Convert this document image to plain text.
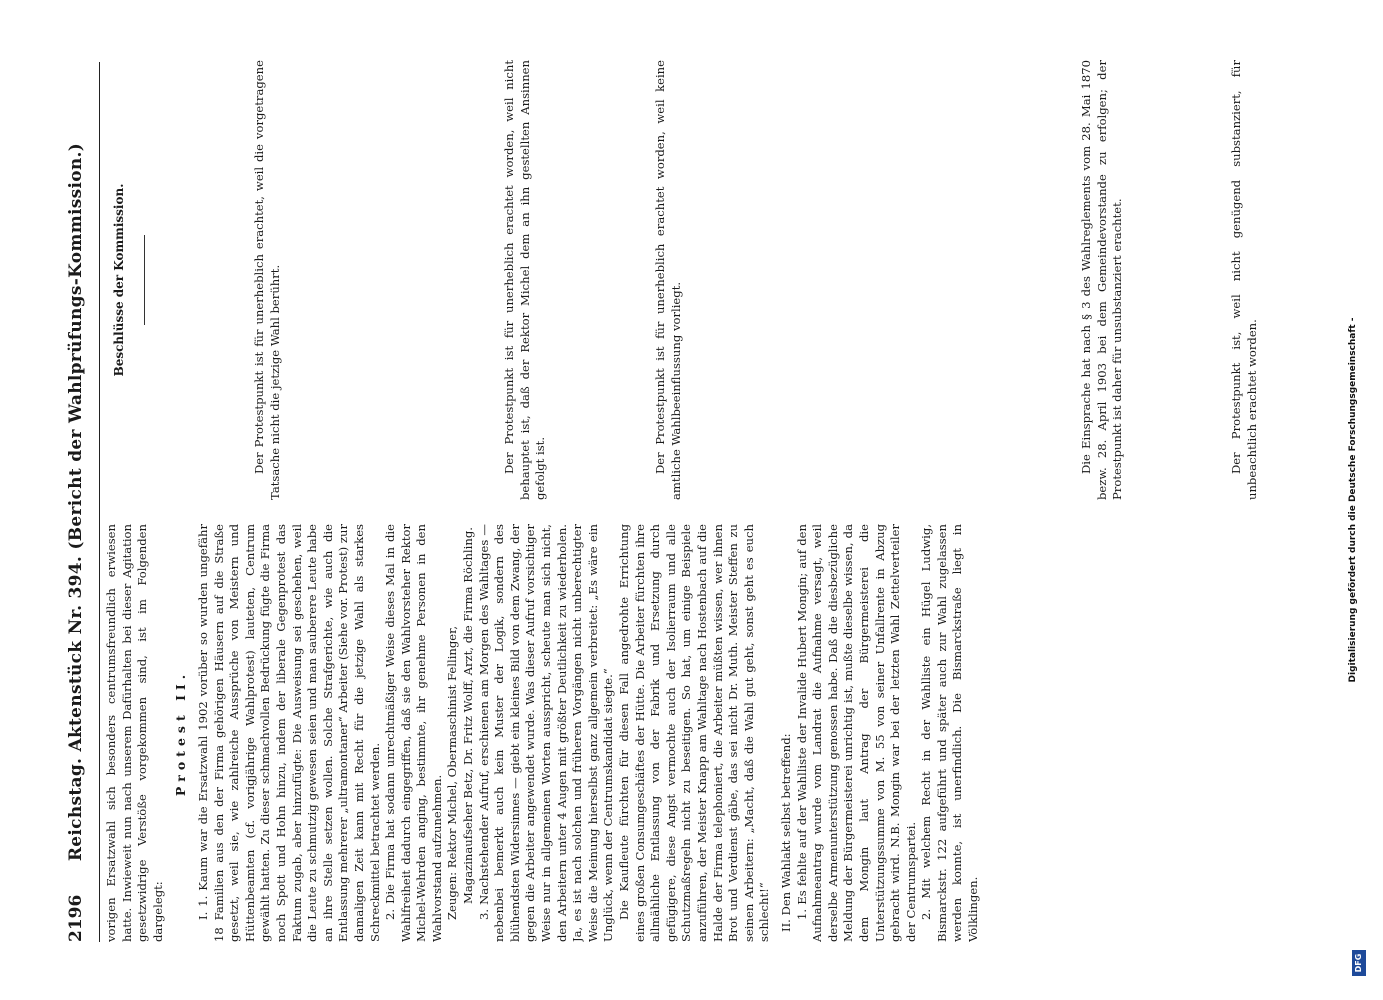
2196
Reichstag. Aktenstück Nr. 394. (Bericht der Wahlprüfungs-Kommission.) vorigen Ersatzwahl sich besonders centrumsfreundlich erwiesen hatte. Inwieweit nun nach unserem Dafürhalten bei dieser Agitation gesetzwidrige Verstöße vorgekommen sind, ist im Folgenden dargelegt:

Protest II. I. 1. Kaum war die Ersatzwahl 1902 vorüber so wurden ungefähr 18 Familien aus den der Firma gehörigen Häusern auf die Straße gesetzt, weil sie, wie zahlreiche Aussprüche von Meistern und Hüttenbeamten (cf. vorigjährige Wahlprotest) lauteten, Centrum gewählt hatten. Zu dieser schmachvollen Bedrückung fügte die Firma noch Spott und Hohn hinzu, indem der liberale Gegenprotest das Faktum zugab, aber hinzufügte: Die Ausweisung sei geschehen, weil die Leute zu schmutzig gewesen seien und man sauberere Leute habe an ihre Stelle setzen wollen. Solche Strafgerichte, wie auch die Entlassung mehrerer „ultramontaner“ Arbeiter (Siehe vor. Protest) zur damaligen Zeit kann mit Recht für die jetzige Wahl als starkes Schreckmittel betrachtet werden. 2. Die Firma hat sodann unrechtmäßiger Weise dieses Mal in die Wahlfreiheit dadurch eingegriffen, daß sie den Wahlvorsteher Rektor Michel-Wehrden anging, bestimmte, ihr genehme Personen in den Wahlvorstand aufzunehmen. Zeugen: Rektor Michel, Obermaschinist Fellinger, Magazinaufseher Betz, Dr. Fritz Wolff, Arzt, die Firma Röchling. 3. Nachstehender Aufruf, erschienen am Morgen des Wahltages — nebenbei bemerkt auch kein Muster der Logik, sondern des blühendsten Widersinnes — giebt ein kleines Bild von dem Zwang, der gegen die Arbeiter angewendet wurde. Was dieser Aufruf vorsichtiger Weise nur in allgemeinen Worten ausspricht, scheute man sich nicht, den Arbeitern unter 4 Augen mit größter Deutlichkeit zu wiederholen. Ja, es ist nach solchen und früheren Vorgängen nicht unberechtigter Weise die Meinung hierselbst ganz allgemein verbreitet: „Es wäre ein Unglück, wenn der Centrumskandidat siegte.“ Die Kaufleute fürchten für diesen Fall angedrohte Errichtung eines großen Consumgeschäftes der Hütte. Die Arbeiter fürchten ihre allmähliche Entlassung von der Fabrik und Ersetzung durch gefügigere, diese Angst vermochte auch der Isolierraum und alle Schutzmaßregeln nicht zu beseitigen. So hat, um einige Beispiele anzuführen, der Meister Knapp am Wahltage nach Hostenbach auf die Halde der Firma telephoniert, die Arbeiter müßten wissen, wer ihnen Brot und Verdienst gäbe, das sei nicht Dr. Muth. Meister Steffen zu seinen Arbeitern: „Macht, daß die Wahl gut geht, sonst geht es euch schlecht!“ II. Den Wahlakt selbst betreffend: 1. Es fehlte auf der Wahlliste der Invalide Hubert Mongin; auf den Aufnahmeantrag wurde vom Landrat die Aufnahme versagt, weil derselbe Armenunterstützung genossen habe. Daß die diesbezügliche Meldung der Bürgermeisterei unrichtig ist, mußte dieselbe wissen, da dem Mongin laut Antrag der Bürgermeisterei die Unterstützungssumme von M. 55 von seiner Unfallrente in Abzug gebracht wird. N.B. Mongin war bei der letzten Wahl Zettelverteiler der Centrumspartei. 2. Mit welchem Recht in der Wahlliste ein Hügel Ludwig, Bismarckstr. 122 aufgeführt und später auch zur Wahl zugelassen werden konnte, ist unerfindlich. Die Bismarckstraße liegt in Völklingen.

Beschlüsse der Kommission.	Der Protestpunkt ist für unerheblich erachtet, weil die vorgetragene Tatsache nicht die jetzige Wahl berührt.	Der Protestpunkt ist für unerheblich erachtet worden, weil nicht behauptet ist, daß der Rektor Michel dem an ihn gestellten Ansinnen gefolgt ist.	Der Protestpunkt ist für unerheblich erachtet worden, weil keine amtliche Wahlbeeinflussung vorliegt.	Die Einsprache hat nach § 3 des Wahlreglements vom 28. Mai 1870 bezw. 28. April 1903 bei dem Gemeindevorstande zu erfolgen; der Protestpunkt ist daher für unsubstanziert erachtet.	Der Protestpunkt ist, weil nicht genügend substanziert, für unbeachtlich erachtet worden.	Digitalisierung gefördert durch die Deutsche Forschungsgemeinschaft -
DFG
